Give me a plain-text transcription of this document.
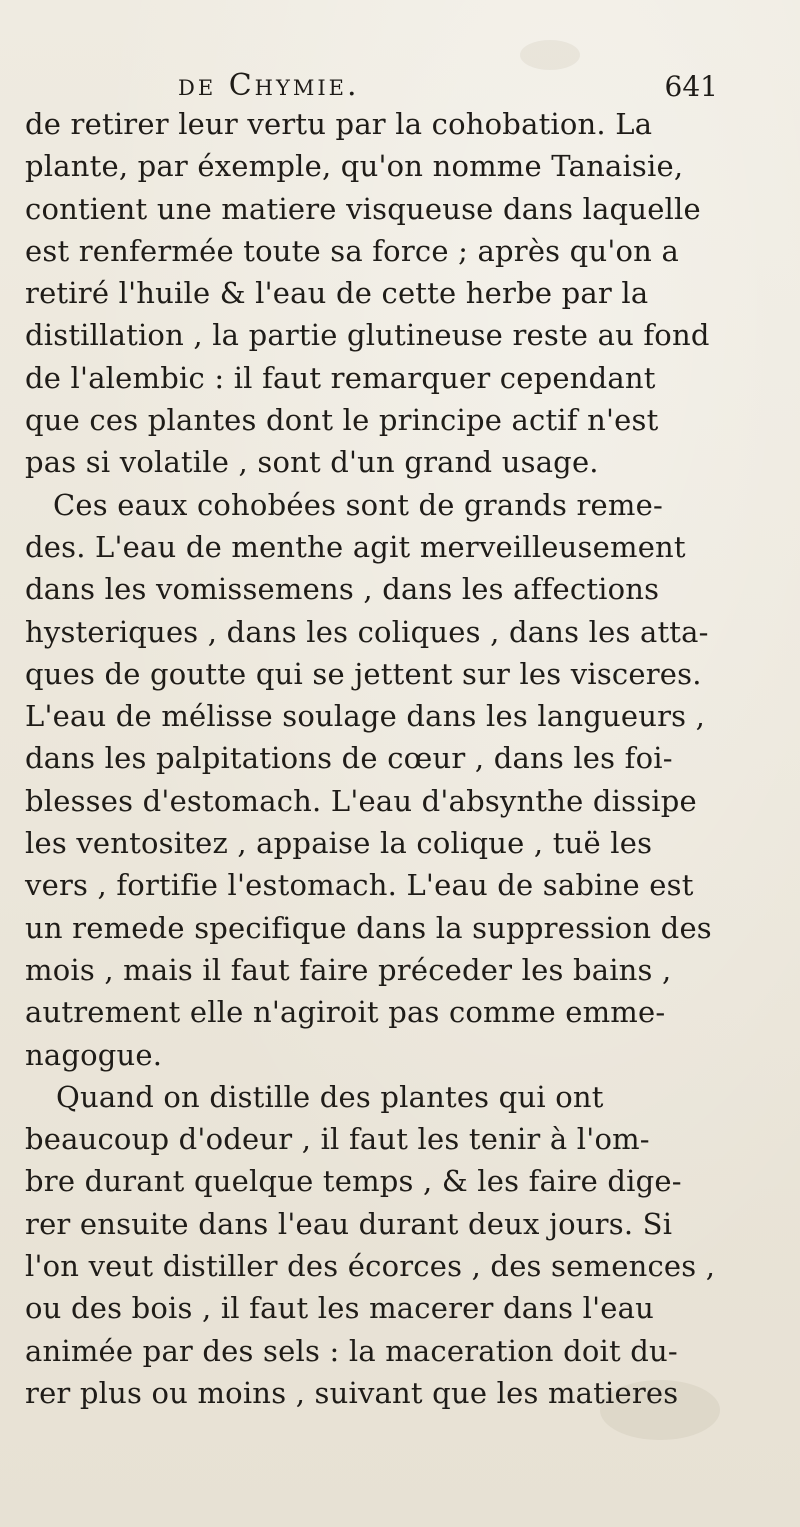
de Chymie.	641
de retirer leur vertu par la cohobation. La
plante, par éxemple, qu'on nomme Tanaisie,
contient une matiere visqueuse dans laquelle
est renfermée toute sa force ; après qu'on a
retiré l'huile & l'eau de cette herbe par la
distillation , la partie glutineuse reste au fond
de l'alembic : il faut remarquer cependant
que ces plantes dont le principe actif n'est
pas si volatile , sont d'un grand usage.
Ces eaux cohobées sont de grands reme-
des. L'eau de menthe agit merveilleusement
dans les vomissemens , dans les affections
hysteriques , dans les coliques , dans les atta-
ques de goutte qui se jettent sur les visceres.
L'eau de mélisse soulage dans les langueurs ,
dans les palpitations de cœur , dans les foi-
blesses d'estomach. L'eau d'absynthe dissipe
les ventositez , appaise la colique , tuë les
vers , fortifie l'estomach. L'eau de sabine est
un remede specifique dans la suppression des
mois , mais il faut faire préceder les bains ,
autrement elle n'agiroit pas comme emme-
nagogue.
Quand on distille des plantes qui ont
beaucoup d'odeur , il faut les tenir à l'om-
bre durant quelque temps , & les faire dige-
rer ensuite dans l'eau durant deux jours. Si
l'on veut distiller des écorces , des semences ,
ou des bois , il faut les macerer dans l'eau
animée par des sels : la maceration doit du-
rer plus ou moins , suivant que les matieres
